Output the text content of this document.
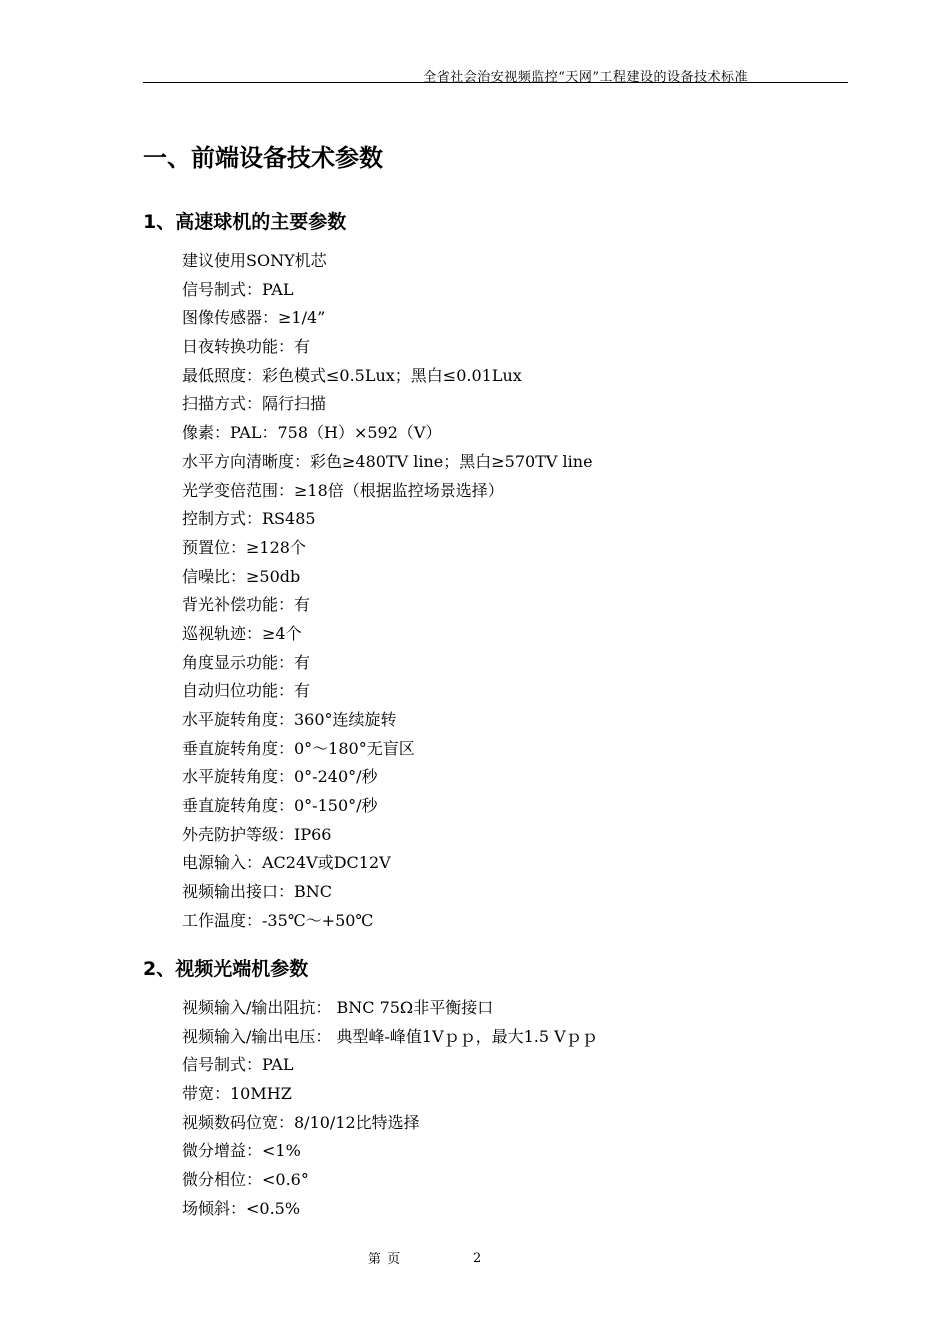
全省社会治安视频监控“天网”工程建设的设备技术标准
一、前端设备技术参数
1、高速球机的主要参数
建议使用SONY机芯
信号制式：PAL
图像传感器：≥1/4”
日夜转换功能：有
最低照度：彩色模式≤0.5Lux；黑白≤0.01Lux
扫描方式：隔行扫描
像素：PAL：758（H）×592（V）
水平方向清晰度：彩色≥480TV line；黑白≥570TV line
光学变倍范围：≥18倍（根据监控场景选择）
控制方式：RS485
预置位：≥128个
信噪比：≥50db
背光补偿功能：有
巡视轨迹：≥4个
角度显示功能：有
自动归位功能：有
水平旋转角度：360°连续旋转
垂直旋转角度：0°～180°无盲区
水平旋转角度：0°-240°/秒
垂直旋转角度：0°-150°/秒
外壳防护等级：IP66
电源输入：AC24V或DC12V
视频输出接口：BNC
工作温度：-35℃～+50℃
2、视频光端机参数
视频输入/输出阻抗： BNC 75Ω非平衡接口
视频输入/输出电压： 典型峰-峰值1Vｐｐ，最大1.5 Vｐｐ
信号制式：PAL
带宽：10MHZ
视频数码位宽：8/10/12比特选择
微分增益：<1%
微分相位：<0.6°
场倾斜：<0.5%
第 页	2
